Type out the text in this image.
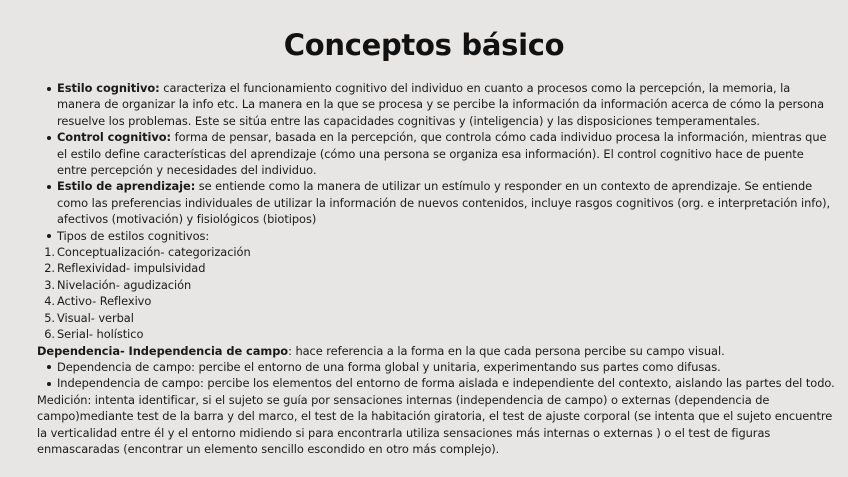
Conceptos básico
Estilo cognitivo: caracteriza el funcionamiento cognitivo del individuo en cuanto a procesos como la percepción, la memoria, la manera de organizar la info etc. La manera en la que se procesa y se percibe la información da información acerca de cómo la persona resuelve los problemas. Este se sitúa entre las capacidades cognitivas y (inteligencia) y las disposiciones temperamentales.
Control cognitivo: forma de pensar, basada en la percepción, que controla cómo cada individuo procesa la información, mientras que el estilo define características del aprendizaje (cómo una persona se organiza esa información). El control cognitivo hace de puente entre percepción y necesidades del individuo.
Estilo de aprendizaje: se entiende como la manera de utilizar un estímulo y responder en un contexto de aprendizaje. Se entiende como las preferencias individuales de utilizar la información de nuevos contenidos, incluye rasgos cognitivos (org. e interpretación info), afectivos (motivación) y fisiológicos (biotipos)
Tipos de estilos cognitivos:
1. Conceptualización- categorización
2. Reflexividad- impulsividad
3. Nivelación- agudización
4. Activo- Reflexivo
5. Visual- verbal
6. Serial- holístico

Dependencia- Independencia de campo: hace referencia a la forma en la que cada persona percibe su campo visual.

Dependencia de campo: percibe el entorno de una forma global y unitaria, experimentando sus partes como difusas.
Independencia de campo: percibe los elementos del entorno de forma aislada e independiente del contexto, aislando las partes del todo.

Medición: intenta identificar, si el sujeto se guía por sensaciones internas (independencia de campo) o externas (dependencia de campo)mediante test de la barra y del marco, el test de la habitación giratoria, el test de ajuste corporal (se intenta que el sujeto encuentre la verticalidad entre él y el entorno midiendo si para encontrarla utiliza sensaciones más internas o externas ) o el test de figuras enmascaradas (encontrar un elemento sencillo escondido en otro más complejo).
